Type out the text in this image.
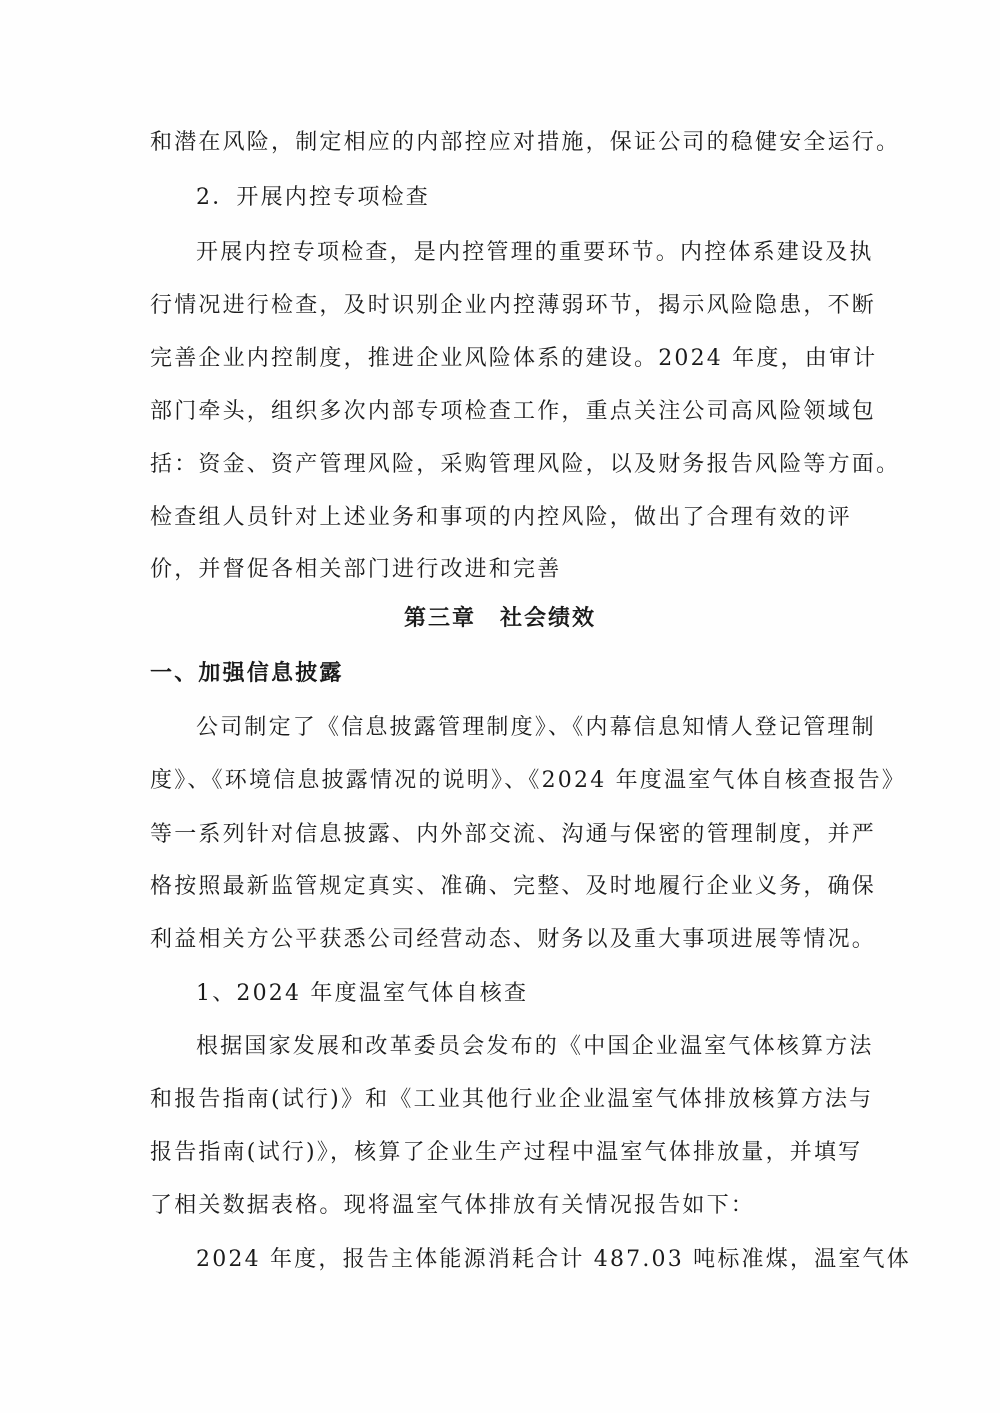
和潜在风险，制定相应的内部控应对措施，保证公司的稳健安全运行。
2．开展内控专项检查
开展内控专项检查，是内控管理的重要环节。内控体系建设及执
行情况进行检查，及时识别企业内控薄弱环节，揭示风险隐患，不断
完善企业内控制度，推进企业风险体系的建设。2024 年度，由审计
部门牵头，组织多次内部专项检查工作，重点关注公司高风险领域包
括：资金、资产管理风险，采购管理风险，以及财务报告风险等方面。
检查组人员针对上述业务和事项的内控风险，做出了合理有效的评
价，并督促各相关部门进行改进和完善
第三章　社会绩效
一、加强信息披露
公司制定了《信息披露管理制度》、《内幕信息知情人登记管理制
度》、《环境信息披露情况的说明》、《2024 年度温室气体自核查报告》
等一系列针对信息披露、内外部交流、沟通与保密的管理制度，并严
格按照最新监管规定真实、准确、完整、及时地履行企业义务，确保
利益相关方公平获悉公司经营动态、财务以及重大事项进展等情况。
1、2024 年度温室气体自核查
根据国家发展和改革委员会发布的《中国企业温室气体核算方法
和报告指南(试行)》和《工业其他行业企业温室气体排放核算方法与
报告指南(试行)》，核算了企业生产过程中温室气体排放量，并填写
了相关数据表格。现将温室气体排放有关情况报告如下：
2024 年度，报告主体能源消耗合计 487.03 吨标准煤，温室气体
